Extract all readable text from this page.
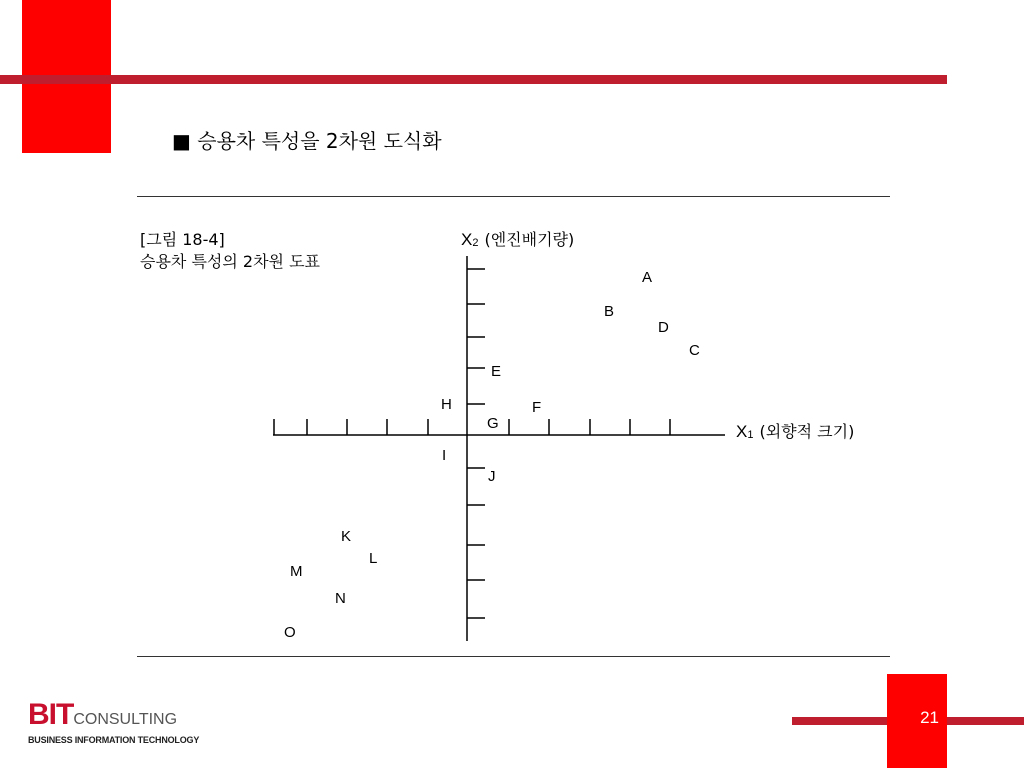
■ 승용차 특성을 2차원 도식화
[그림 18-4]
승용차 특성의 2차원 도표
X2 (엔진배기량)
X1 (외향적 크기)
A
B
C
D
E
F
G
H
I
J
K
L
M
N
O
BITCONSULTING
BUSINESS INFORMATION TECHNOLOGY
21
